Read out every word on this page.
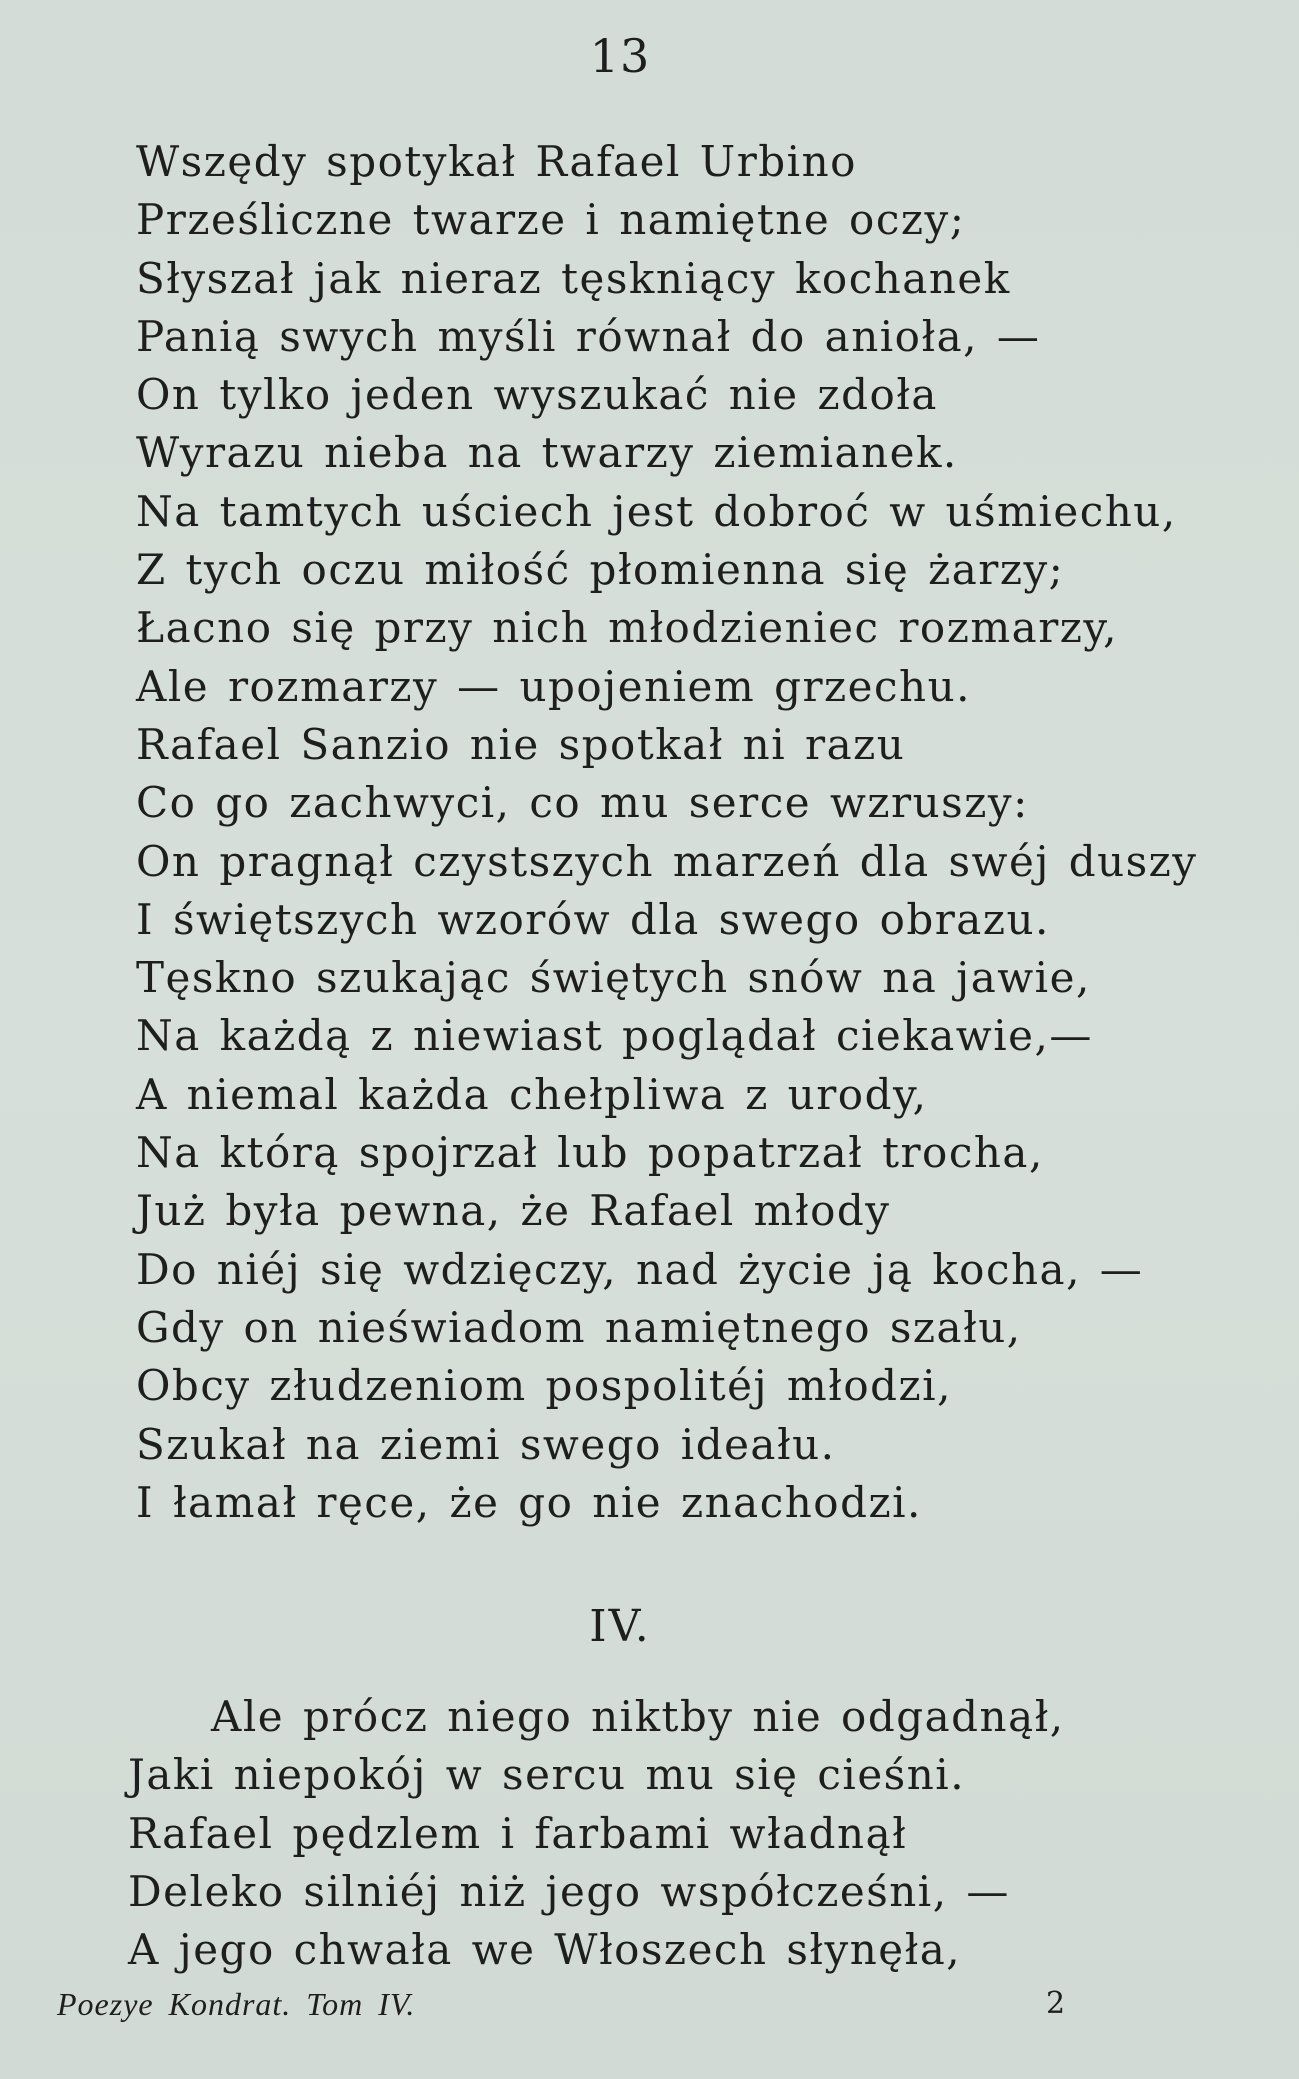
13
Wszędy spotykał Rafael Urbino
Prześliczne twarze i namiętne oczy;
Słyszał jak nieraz tęskniący kochanek
Panią swych myśli równał do anioła, —
On tylko jeden wyszukać nie zdoła
Wyrazu nieba na twarzy ziemianek.
Na tamtych uściech jest dobroć w uśmiechu,
Z tych oczu miłość płomienna się żarzy;
Łacno się przy nich młodzieniec rozmarzy,
Ale rozmarzy — upojeniem grzechu.
Rafael Sanzio nie spotkał ni razu
Co go zachwyci, co mu serce wzruszy:
On pragnął czystszych marzeń dla swéj duszy
I świętszych wzorów dla swego obrazu.
Tęskno szukając świętych snów na jawie,
Na każdą z niewiast poglądał ciekawie,—
A niemal każda chełpliwa z urody,
Na którą spojrzał lub popatrzał trocha,
Już była pewna, że Rafael młody
Do niéj się wdzięczy, nad życie ją kocha, —
Gdy on nieświadom namiętnego szału,
Obcy złudzeniom pospolitéj młodzi,
Szukał na ziemi swego ideału.
I łamał ręce, że go nie znachodzi.
IV.
Ale prócz niego niktby nie odgadnął,
Jaki niepokój w sercu mu się cieśni.
Rafael pędzlem i farbami władnął
Deleko silniéj niż jego współcześni, —
A jego chwała we Włoszech słynęła,
Poezye Kondrat. Tom IV.	2
